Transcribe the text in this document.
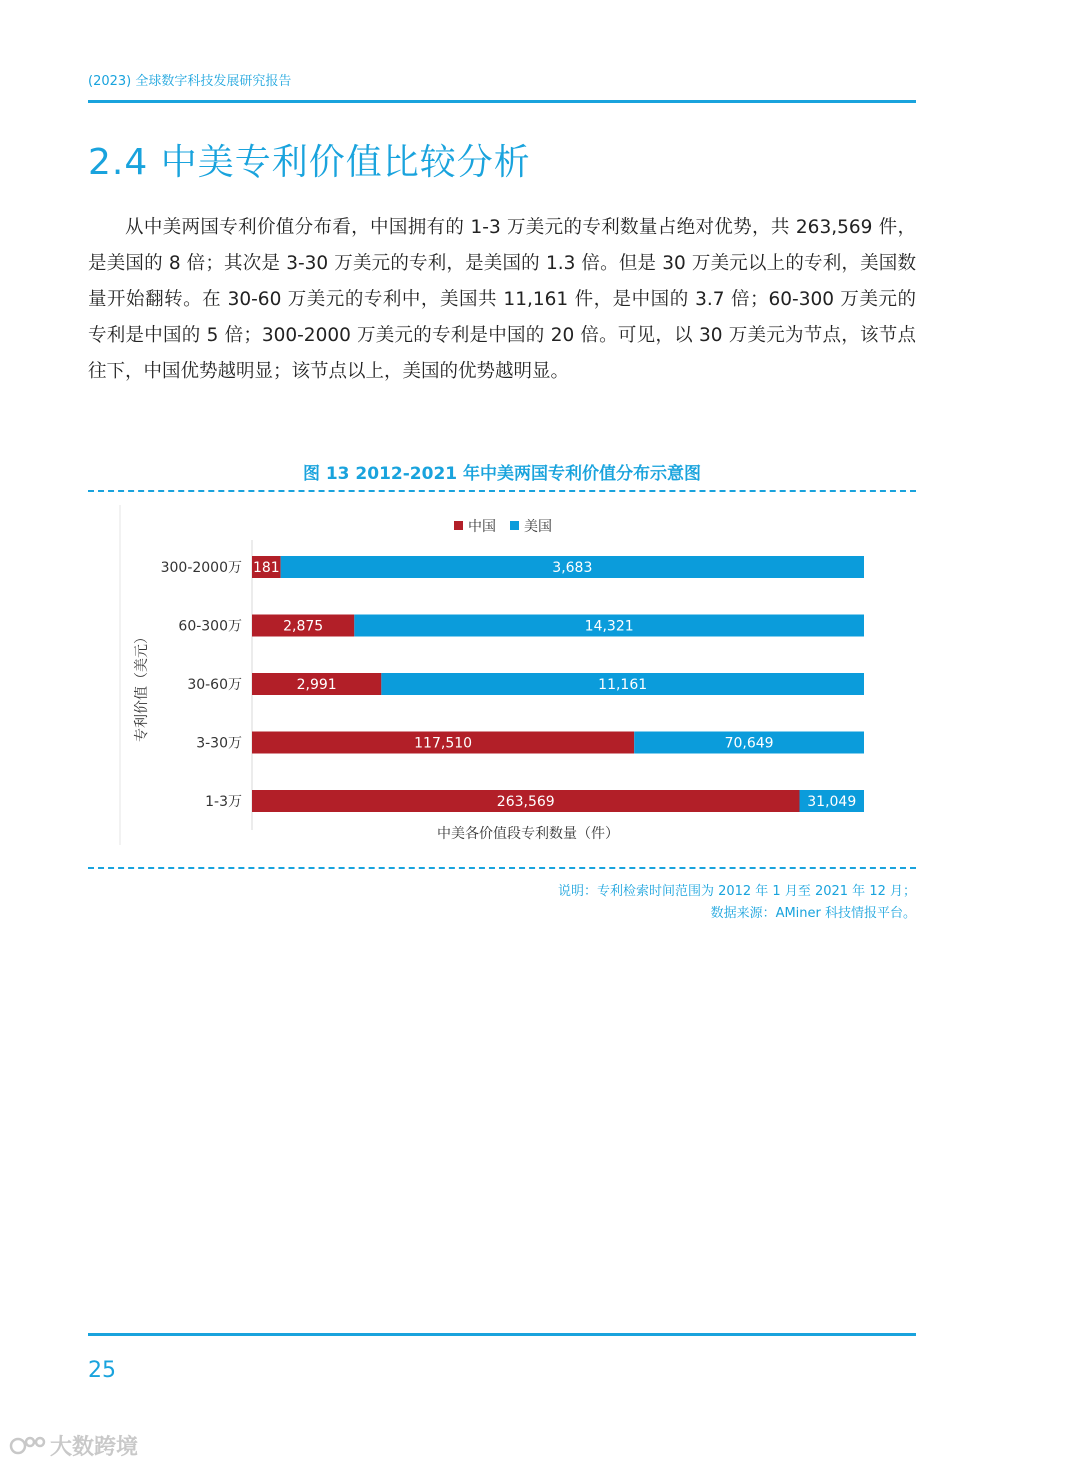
(2023) 全球数字科技发展研究报告
2.4 中美专利价值比较分析

从中美两国专利价值分布看，中国拥有的 1-3 万美元的专利数量占绝对优势，共 263,569 件，是美国的 8 倍；其次是 3-30 万美元的专利，是美国的 1.3 倍。但是 30 万美元以上的专利，美国数量开始翻转。在 30-60 万美元的专利中，美国共 11,161 件，是中国的 3.7 倍；60-300 万美元的专利是中国的 5 倍；300-2000 万美元的专利是中国的 20 倍。可见，以 30 万美元为节点，该节点往下，中国优势越明显；该节点以上，美国的优势越明显。

图 13 2012-2021 年中美两国专利价值分布示意图
中国 美国
300-2000万 181	3,683
60-300万	2,875	14,321
30-60万	2,991	11,161
3-30万	117,510	70,649
1-3万	263,569	31,049
中美各价值段专利数量（件）
专利价值（美元）
说明：专利检索时间范围为 2012 年 1 月至 2021 年 12 月；
数据来源：AMiner 科技情报平台。
25
大数跨境
